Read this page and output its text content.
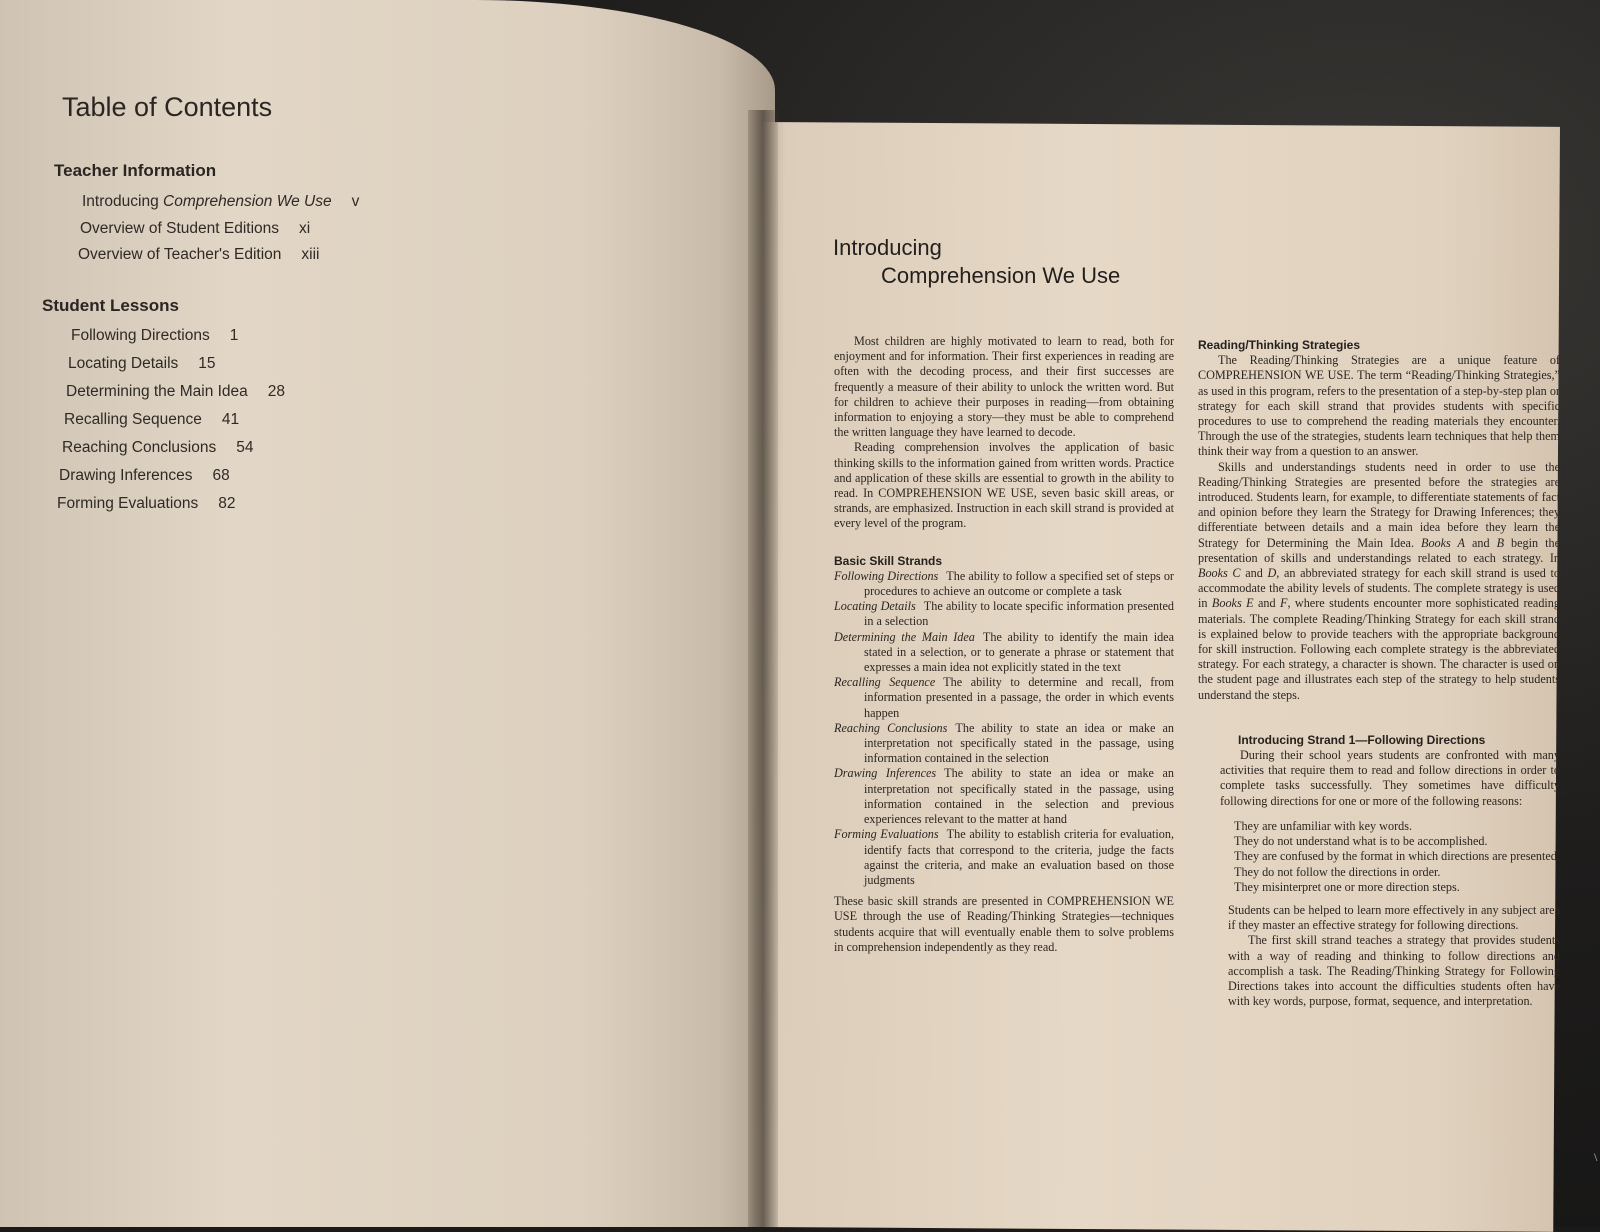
Table of Contents
Teacher Information
Introducing Comprehension We Use v
Overview of Student Editions xi
Overview of Teacher's Edition xiii
Student Lessons
Following Directions 1
Locating Details 15
Determining the Main Idea 28
Recalling Sequence 41
Reaching Conclusions 54
Drawing Inferences 68
Forming Evaluations 82
Introducing
Comprehension We Use

Most children are highly motivated to learn to read, both for enjoyment and for information. Their first experiences in reading are often with the decoding process, and their first successes are frequently a measure of their ability to unlock the written word. But for children to achieve their purposes in reading—from obtaining information to enjoying a story—they must be able to comprehend the written language they have learned to decode.

Reading comprehension involves the application of basic thinking skills to the information gained from written words. Practice and application of these skills are essential to growth in the ability to read. In COMPREHENSION WE USE, seven basic skill areas, or strands, are emphasized. Instruction in each skill strand is provided at every level of the program.

Basic Skill Strands

Following Directions The ability to follow a specified set of steps or procedures to achieve an outcome or complete a task

Locating Details The ability to locate specific information presented in a selection

Determining the Main Idea The ability to identify the main idea stated in a selection, or to generate a phrase or statement that expresses a main idea not explicitly stated in the text

Recalling Sequence The ability to determine and recall, from information presented in a passage, the order in which events happen

Reaching Conclusions The ability to state an idea or make an interpretation not specifically stated in the passage, using information contained in the selection

Drawing Inferences The ability to state an idea or make an interpretation not specifically stated in the passage, using information contained in the selection and previous experiences relevant to the matter at hand

Forming Evaluations The ability to establish criteria for evaluation, identify facts that correspond to the criteria, judge the facts against the criteria, and make an evaluation based on those judgments

These basic skill strands are presented in COMPREHENSION WE USE through the use of Reading/Thinking Strategies—techniques students acquire that will eventually enable them to solve problems in comprehension independently as they read.

Reading/Thinking Strategies

The Reading/Thinking Strategies are a unique feature of COMPREHENSION WE USE. The term “Reading/Thinking Strategies,” as used in this program, refers to the presentation of a step-by-step plan or strategy for each skill strand that provides students with specific procedures to use to comprehend the reading materials they encounter. Through the use of the strategies, students learn techniques that help them think their way from a question to an answer.

Skills and understandings students need in order to use the Reading/Thinking Strategies are presented before the strategies are introduced. Students learn, for example, to differentiate statements of fact and opinion before they learn the Strategy for Drawing Inferences; they differentiate between details and a main idea before they learn the Strategy for Determining the Main Idea. Books A and B begin the presentation of skills and understandings related to each strategy. In Books C and D, an abbreviated strategy for each skill strand is used to accommodate the ability levels of students. The complete strategy is used in Books E and F, where students encounter more sophisticated reading materials. The complete Reading/Thinking Strategy for each skill strand is explained below to provide teachers with the appropriate background for skill instruction. Following each complete strategy is the abbreviated strategy. For each strategy, a character is shown. The character is used on the student page and illustrates each step of the strategy to help students understand the steps.

Introducing Strand 1—Following Directions

During their school years students are confronted with many activities that require them to read and follow directions in order to complete tasks successfully. They sometimes have difficulty following directions for one or more of the following reasons:

They are unfamiliar with key words.
They do not understand what is to be accomplished.
They are confused by the format in which directions are presented.
They do not follow the directions in order.
They misinterpret one or more direction steps.

Students can be helped to learn more effectively in any subject area if they master an effective strategy for following directions.

The first skill strand teaches a strategy that provides students with a way of reading and thinking to follow directions and accomplish a task. The Reading/Thinking Strategy for Following Directions takes into account the difficulties students often have with key words, purpose, format, sequence, and interpretation.

\
